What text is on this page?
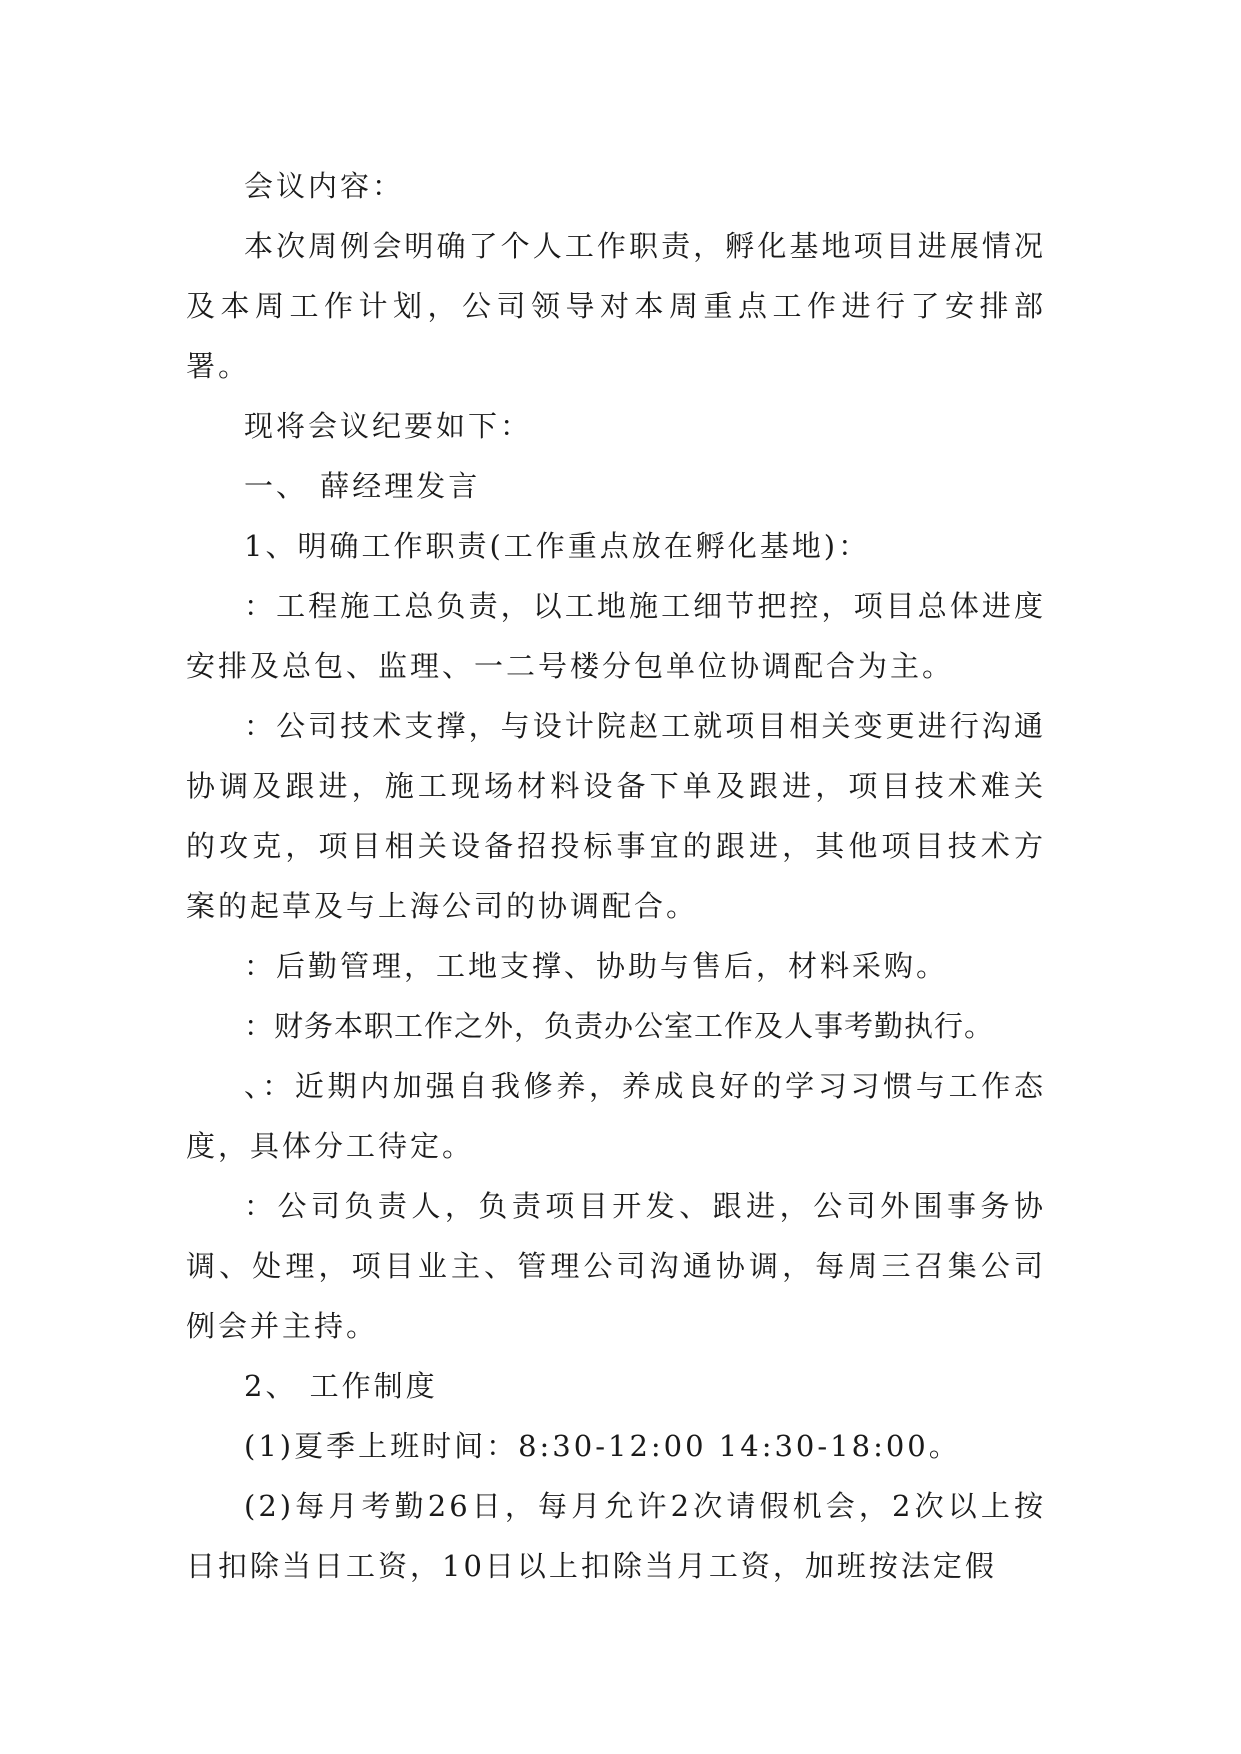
会议内容：

本次周例会明确了个人工作职责，孵化基地项目进展情况及本周工作计划，公司领导对本周重点工作进行了安排部署。

现将会议纪要如下：

一、 薛经理发言

1、明确工作职责(工作重点放在孵化基地)：

：工程施工总负责，以工地施工细节把控，项目总体进度安排及总包、监理、一二号楼分包单位协调配合为主。

：公司技术支撑，与设计院赵工就项目相关变更进行沟通协调及跟进，施工现场材料设备下单及跟进，项目技术难关的攻克，项目相关设备招投标事宜的跟进，其他项目技术方案的起草及与上海公司的协调配合。

：后勤管理，工地支撑、协助与售后，材料采购。

：财务本职工作之外，负责办公室工作及人事考勤执行。

、：近期内加强自我修养，养成良好的学习习惯与工作态度，具体分工待定。

：公司负责人，负责项目开发、跟进，公司外围事务协调、处理，项目业主、管理公司沟通协调，每周三召集公司例会并主持。

2、 工作制度

(1)夏季上班时间：8:30-12:00 14:30-18:00。

(2)每月考勤26日，每月允许2次请假机会，2次以上按日扣除当日工资，10日以上扣除当月工资，加班按法定假
